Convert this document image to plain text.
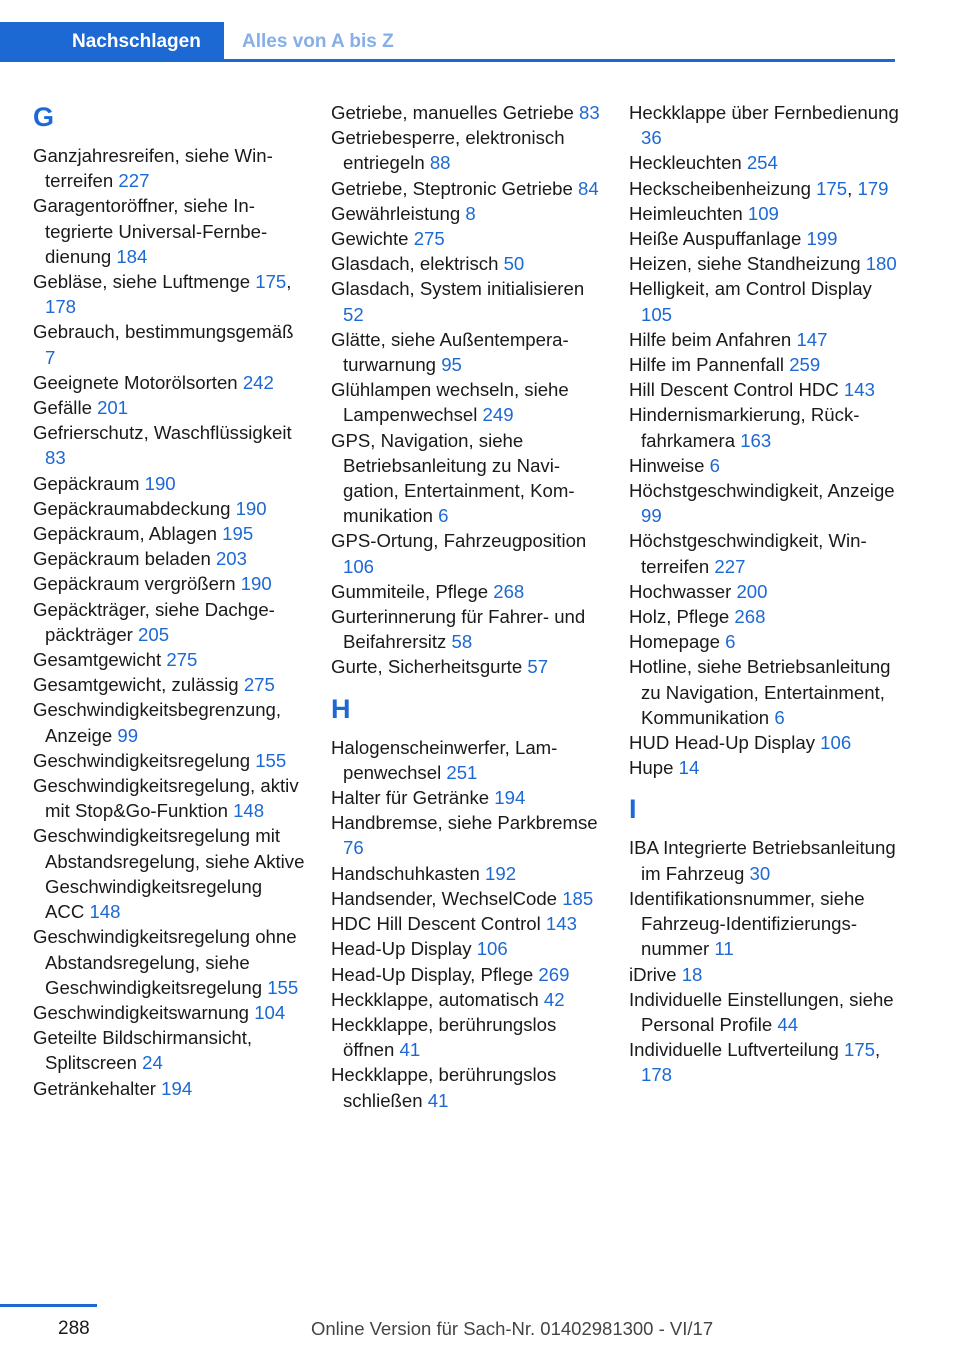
Nachschlagen	Alles von A bis Z
G
Ganzjahresreifen, siehe Winterreifen 227
Garagentoröffner, siehe Integrierte Universal-Fernbedienung 184
Gebläse, siehe Luftmenge 175, 178
Gebrauch, bestimmungsgemäß 7
Geeignete Motorölsorten 242
Gefälle 201
Gefrierschutz, Waschflüssigkeit 83
Gepäckraum 190
Gepäckraumabdeckung 190
Gepäckraum, Ablagen 195
Gepäckraum beladen 203
Gepäckraum vergrößern 190
Gepäckträger, siehe Dachgepäckträger 205
Gesamtgewicht 275
Gesamtgewicht, zulässig 275
Geschwindigkeitsbegrenzung, Anzeige 99
Geschwindigkeitsregelung 155
Geschwindigkeitsregelung, aktiv mit Stop&Go-Funktion 148
Geschwindigkeitsregelung mit Abstandsregelung, siehe Aktive Geschwindigkeitsregelung ACC 148
Geschwindigkeitsregelung ohne Abstandsregelung, siehe Geschwindigkeitsregelung 155
Geschwindigkeitswarnung 104
Geteilte Bildschirmansicht, Splitscreen 24
Getränkehalter 194
Getriebe, manuelles Getriebe 83
Getriebesperre, elektronisch entriegeln 88
Getriebe, Steptronic Getriebe 84
Gewährleistung 8
Gewichte 275
Glasdach, elektrisch 50
Glasdach, System initialisieren 52
Glätte, siehe Außentemperaturwarnung 95
Glühlampen wechseln, siehe Lampenwechsel 249
GPS, Navigation, siehe Betriebsanleitung zu Navigation, Entertainment, Kommunikation 6
GPS-Ortung, Fahrzeugposition 106
Gummiteile, Pflege 268
Gurterinnerung für Fahrer- und Beifahrersitz 58
Gurte, Sicherheitsgurte 57
H
Halogenscheinwerfer, Lampenwechsel 251
Halter für Getränke 194
Handbremse, siehe Parkbremse 76
Handschuhkasten 192
Handsender, WechselCode 185
HDC Hill Descent Control 143
Head-Up Display 106
Head-Up Display, Pflege 269
Heckklappe, automatisch 42
Heckklappe, berührungslos öffnen 41
Heckklappe, berührungslos schließen 41
Heckklappe über Fernbedienung 36
Heckleuchten 254
Heckscheibenheizung 175, 179
Heimleuchten 109
Heiße Auspuffanlage 199
Heizen, siehe Standheizung 180
Helligkeit, am Control Display 105
Hilfe beim Anfahren 147
Hilfe im Pannenfall 259
Hill Descent Control HDC 143
Hindernismarkierung, Rückfahrkamera 163
Hinweise 6
Höchstgeschwindigkeit, Anzeige 99
Höchstgeschwindigkeit, Winterreifen 227
Hochwasser 200
Holz, Pflege 268
Homepage 6
Hotline, siehe Betriebsanleitung zu Navigation, Entertainment, Kommunikation 6
HUD Head-Up Display 106
Hupe 14
I
IBA Integrierte Betriebsanleitung im Fahrzeug 30
Identifikationsnummer, siehe Fahrzeug-Identifizierungsnummer 11
iDrive 18
Individuelle Einstellungen, siehe Personal Profile 44
Individuelle Luftverteilung 175, 178
288	Online Version für Sach-Nr. 01402981300 - VI/17
